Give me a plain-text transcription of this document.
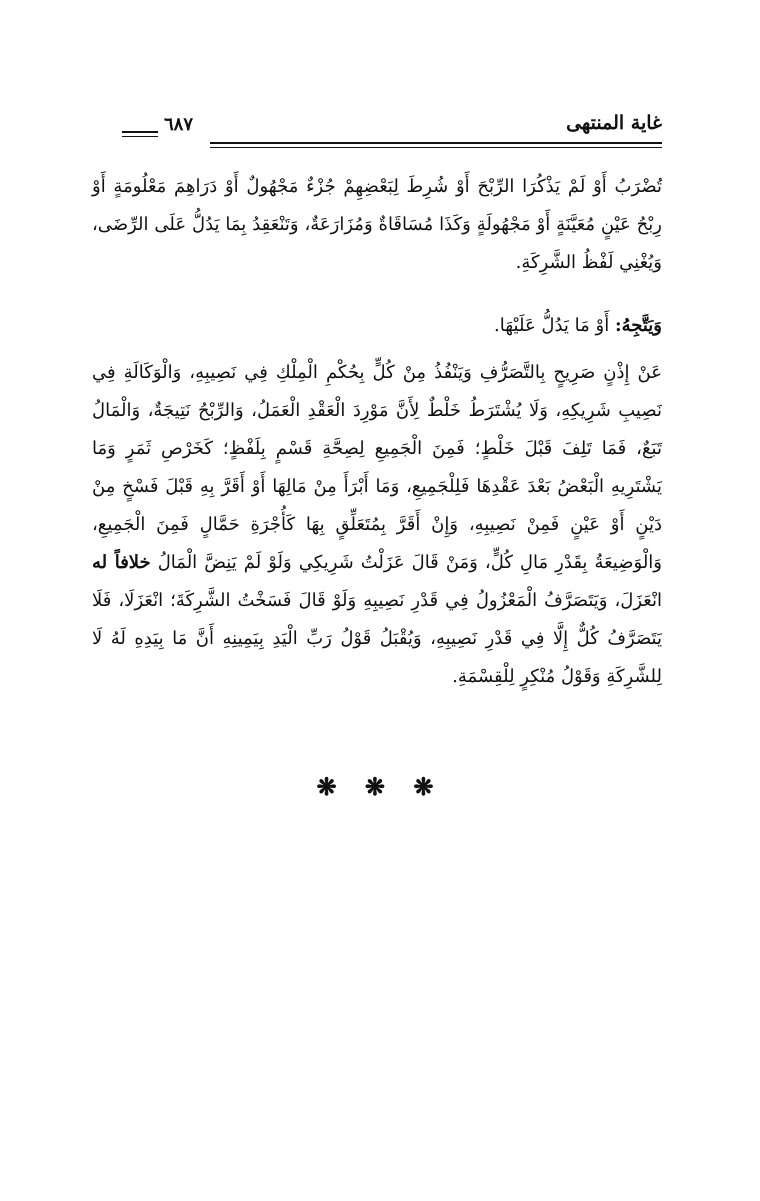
غاية المنتهى
٦٨٧

تُضْرَبُ أَوْ لَمْ يَذْكُرَا الرِّبْحَ أَوْ شُرِطَ لِبَعْضِهِمْ جُزْءٌ مَجْهُولٌ أَوْ دَرَاهِمَ مَعْلُومَةٍ أَوْ رِبْحُ عَيْنٍ مُعَيَّنَةٍ أَوْ مَجْهُولَةٍ وَكَذَا مُسَاقَاةٌ وَمُزَارَعَةٌ، وَتَنْعَقِدُ بِمَا يَدُلُّ عَلَى الرِّضَى، وَيُغْنِي لَفْظُ الشَّرِكَةِ.

وَيَتَّجِهُ: أَوْ مَا يَدُلُّ عَلَيْهَا.

عَنْ إِذْنٍ صَرِيحٍ بِالتَّصَرُّفِ وَيَنْفُذُ مِنْ كُلٍّ بِحُكْمِ الْمِلْكِ فِي نَصِيبِهِ، وَالْوَكَالَةِ فِي نَصِيبِ شَرِيكِهِ، وَلَا يُشْتَرَطُ خَلْطٌ لِأَنَّ مَوْرِدَ الْعَقْدِ الْعَمَلُ، وَالرِّبْحُ نَتِيجَةٌ، وَالْمَالُ تَبَعٌ، فَمَا تَلِفَ قَبْلَ خَلْطٍ؛ فَمِنَ الْجَمِيعِ لِصِحَّةِ قَسْمٍ بِلَفْظٍ؛ كَخَرْصِ ثَمَرٍ وَمَا يَشْتَرِيهِ الْبَعْضُ بَعْدَ عَقْدِهَا فَلِلْجَمِيعِ، وَمَا أَبْرَأَ مِنْ مَالِهَا أَوْ أَقَرَّ بِهِ قَبْلَ فَسْخٍ مِنْ دَيْنٍ أَوْ عَيْنٍ فَمِنْ نَصِيبِهِ، وَإِنْ أَقَرَّ بِمُتَعَلِّقٍ بِهَا كَأُجْرَةِ حَمَّالٍ فَمِنَ الْجَمِيعِ، وَالْوَضِيعَةُ بِقَدْرِ مَالِ كُلٍّ، وَمَنْ قَالَ عَزَلْتُ شَرِيكِي وَلَوْ لَمْ يَنِضَّ الْمَالُ خلافاً له انْعَزَلَ، وَيَتَصَرَّفُ الْمَعْزُولُ فِي قَدْرِ نَصِيبِهِ وَلَوْ قَالَ فَسَخْتُ الشَّرِكَةَ؛ انْعَزَلَا، فَلَا يَتَصَرَّفُ كُلٌّ إِلَّا فِي قَدْرِ نَصِيبِهِ، وَيُقْبَلُ قَوْلُ رَبِّ الْيَدِ بِيَمِينِهِ أَنَّ مَا بِيَدِهِ لَهُ لَا لِلشَّرِكَةِ وَقَوْلُ مُنْكِرٍ لِلْقِسْمَةِ.

❋ ❋ ❋
